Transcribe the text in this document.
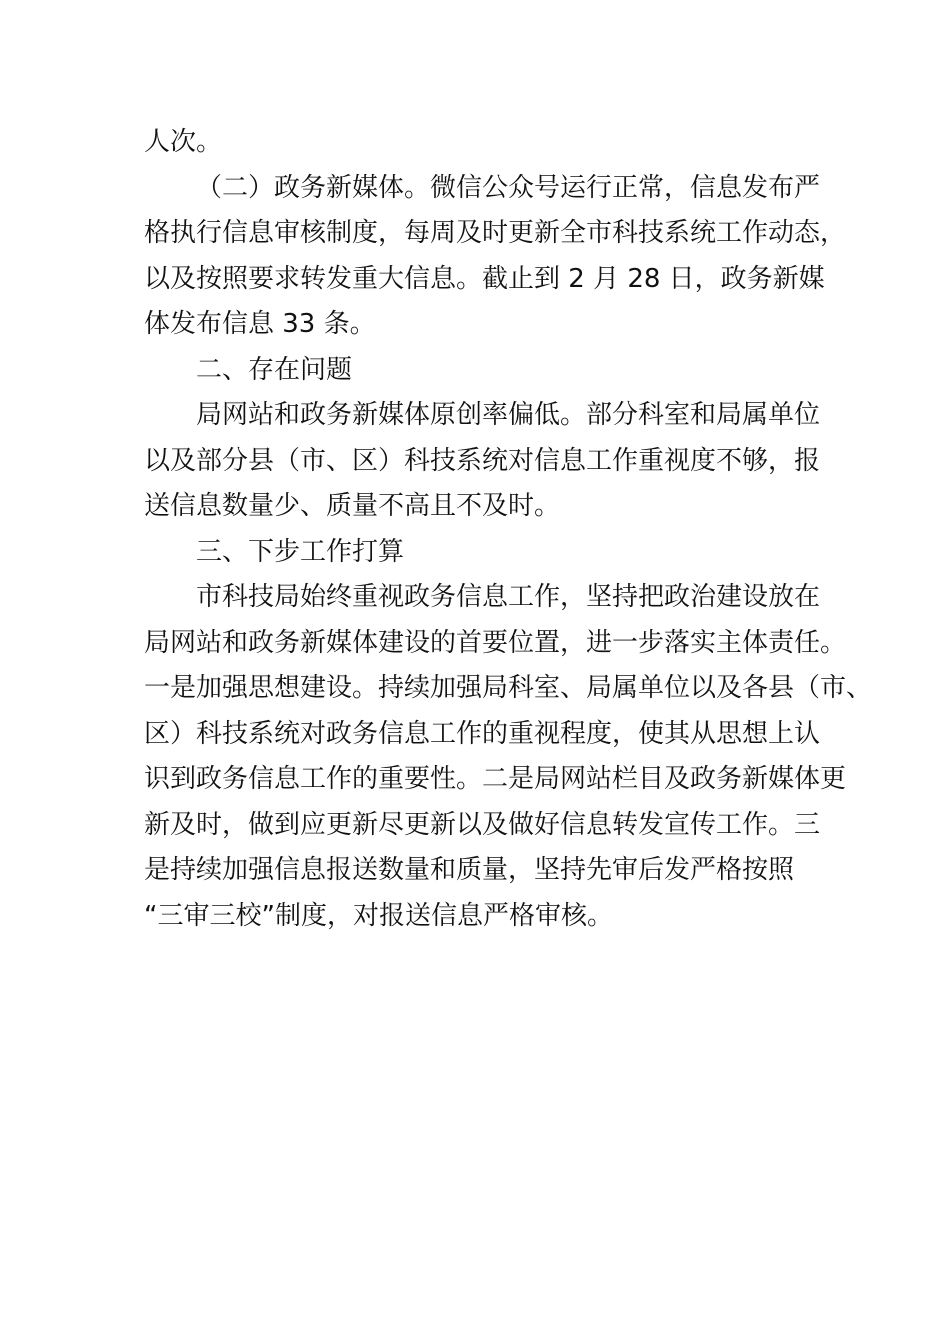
人次。
（二）政务新媒体。微信公众号运行正常，信息发布严
格执行信息审核制度，每周及时更新全市科技系统工作动态，
以及按照要求转发重大信息。截止到 2 月 28 日，政务新媒
体发布信息 33 条。
二、存在问题
局网站和政务新媒体原创率偏低。部分科室和局属单位
以及部分县（市、区）科技系统对信息工作重视度不够，报
送信息数量少、质量不高且不及时。
三、下步工作打算
市科技局始终重视政务信息工作，坚持把政治建设放在
局网站和政务新媒体建设的首要位置，进一步落实主体责任。
一是加强思想建设。持续加强局科室、局属单位以及各县（市、
区）科技系统对政务信息工作的重视程度，使其从思想上认
识到政务信息工作的重要性。二是局网站栏目及政务新媒体更
新及时，做到应更新尽更新以及做好信息转发宣传工作。三
是持续加强信息报送数量和质量，坚持先审后发严格按照
“三审三校”制度，对报送信息严格审核。
